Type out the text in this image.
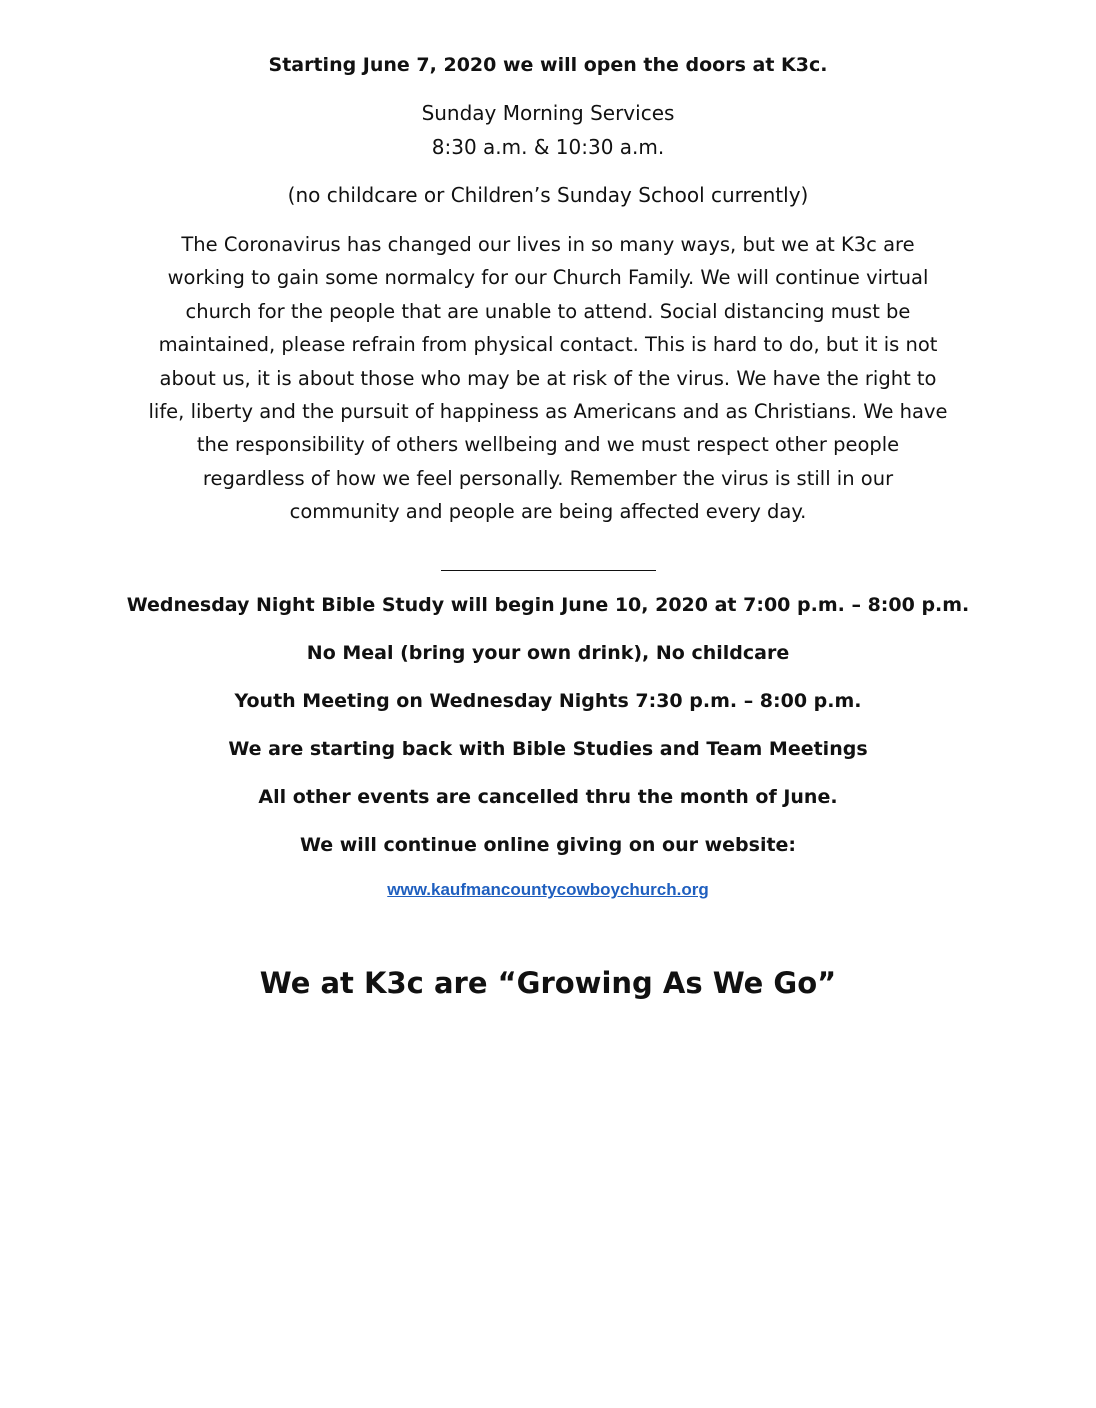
Starting June 7, 2020 we will open the doors at K3c.
Sunday Morning Services
8:30 a.m. & 10:30 a.m.
(no childcare or Children’s Sunday School currently)
The Coronavirus has changed our lives in so many ways, but we at K3c are
working to gain some normalcy for our Church Family. We will continue virtual
church for the people that are unable to attend. Social distancing must be
maintained, please refrain from physical contact. This is hard to do, but it is not
about us, it is about those who may be at risk of the virus. We have the right to
life, liberty and the pursuit of happiness as Americans and as Christians. We have
the responsibility of others wellbeing and we must respect other people
regardless of how we feel personally. Remember the virus is still in our
community and people are being affected every day.
Wednesday Night Bible Study will begin June 10, 2020 at 7:00 p.m. – 8:00 p.m.
No Meal (bring your own drink), No childcare
Youth Meeting on Wednesday Nights 7:30 p.m. – 8:00 p.m.
We are starting back with Bible Studies and Team Meetings
All other events are cancelled thru the month of June.
We will continue online giving on our website:
www.kaufmancountycowboychurch.org
We at K3c are “Growing As We Go”
